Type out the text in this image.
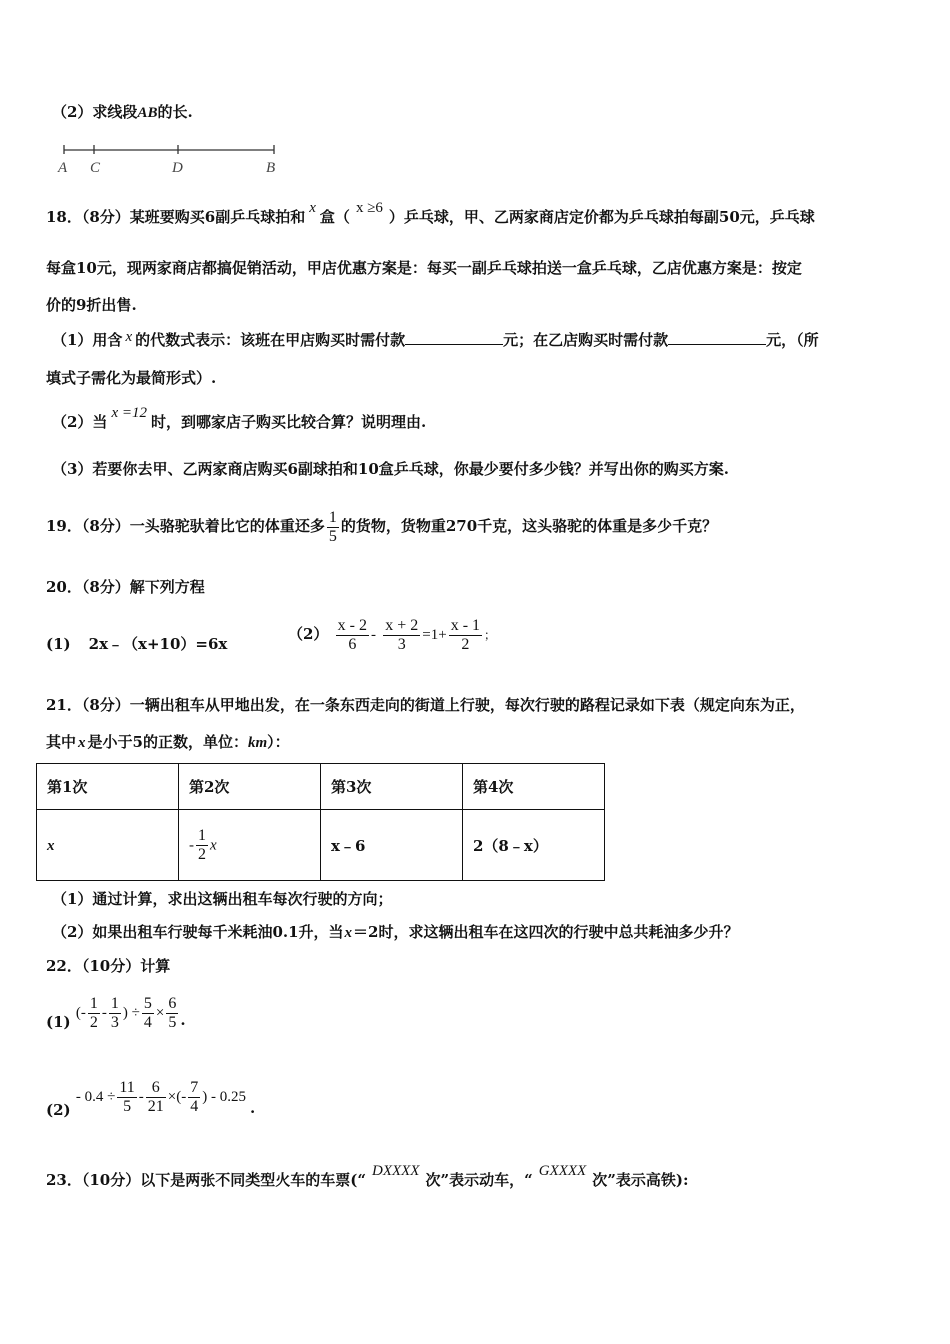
（2）求线段AB的长.
A C	D	B
18．（8分）某班要购买6副乒乓球拍和 x 盒（ x ≥6 ）乒乓球，甲、乙两家商店定价都为乒乓球拍每副50元，乒乓球
每盒10元，现两家商店都搞促销活动，甲店优惠方案是：每买一副乒乓球拍送一盒乒乓球，乙店优惠方案是：按定
价的9折出售.
（1）用含 x 的代数式表示：该班在甲店购买时需付款	元；在乙店购买时需付款	元，（所
填式子需化为最简形式）.
（2）当 x =12 时，到哪家店子购买比较合算？说明理由.
（3）若要你去甲、乙两家商店购买6副球拍和10盒乒乓球，你最少要付多少钱？并写出你的购买方案.
19．（8分）一头骆驼驮着比它的体重还多 $\frac{1}{5}$ 的货物，货物重270千克，这头骆驼的体重是多少千克？
20．（8分）解下列方程
(1) 2x﹣（x+10）=6x
$(2) \frac{x - 2}{6} - \frac{x + 2}{3} =1+ \frac{x - 1}{2}$ ；
21．（8分）一辆出租车从甲地出发，在一条东西走向的街道上行驶，每次行驶的路程记录如下表（规定向东为正，
其中 x 是小于5的正数，单位：km）：
第1次	第2次	第3次	第4次
x	- $\frac{1}{2}$ x	x﹣6	2（8﹣x）
（1）通过计算，求出这辆出租车每次行驶的方向；
（2）如果出租车行驶每千米耗油0.1升，当x＝2时，求这辆出租车在这四次的行驶中总共耗油多少升？
22．（10分）计算
(1) (- $\frac{1}{2} - \frac{1}{3}$ ) ÷ $\frac{5}{4} \times \frac{6}{5}$ .
$(2) - 0.4 \div \frac{11}{5} - \frac{6}{21}$ ×(- $\frac{7}{4}$ ) - 0.25.
23．（10分）以下是两张不同类型火车的车票(“ DXXXX 次”表示动车，“ GXXXX 次”表示高铁):
